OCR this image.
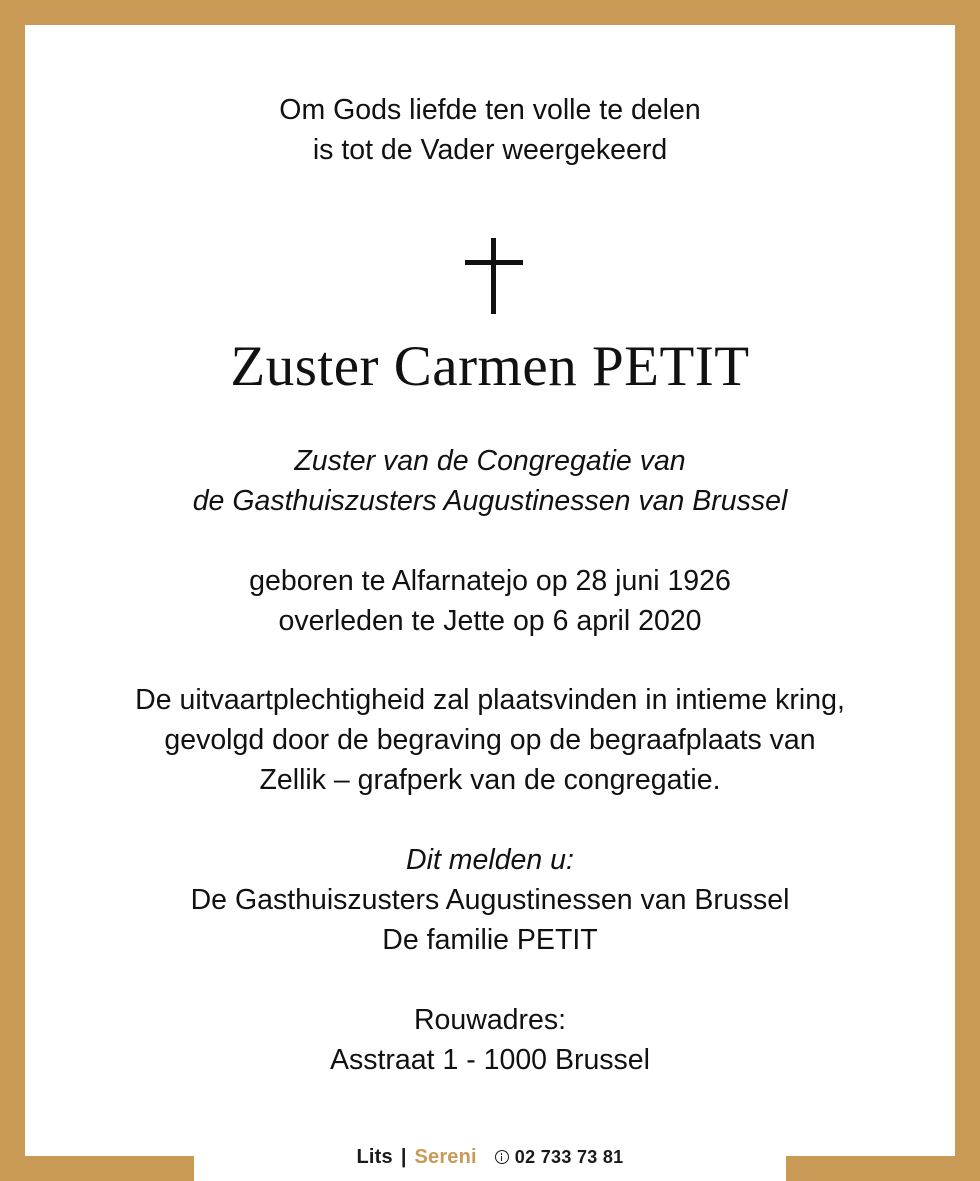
Om Gods liefde ten volle te delen
is tot de Vader weergekeerd
Zuster Carmen PETIT
Zuster van de Congregatie van
de Gasthuiszusters Augustinessen van Brussel
geboren te Alfarnatejo op 28 juni 1926
overleden te Jette op 6 april 2020
De uitvaartplechtigheid zal plaatsvinden in intieme kring,
gevolgd door de begraving op de begraafplaats van
Zellik – grafperk van de congregatie.
Dit melden u:
De Gasthuiszusters Augustinessen van Brussel
De familie PETIT
Rouwadres:
Asstraat 1 - 1000 Brussel
Lits | Sereni 02 733 73 81
